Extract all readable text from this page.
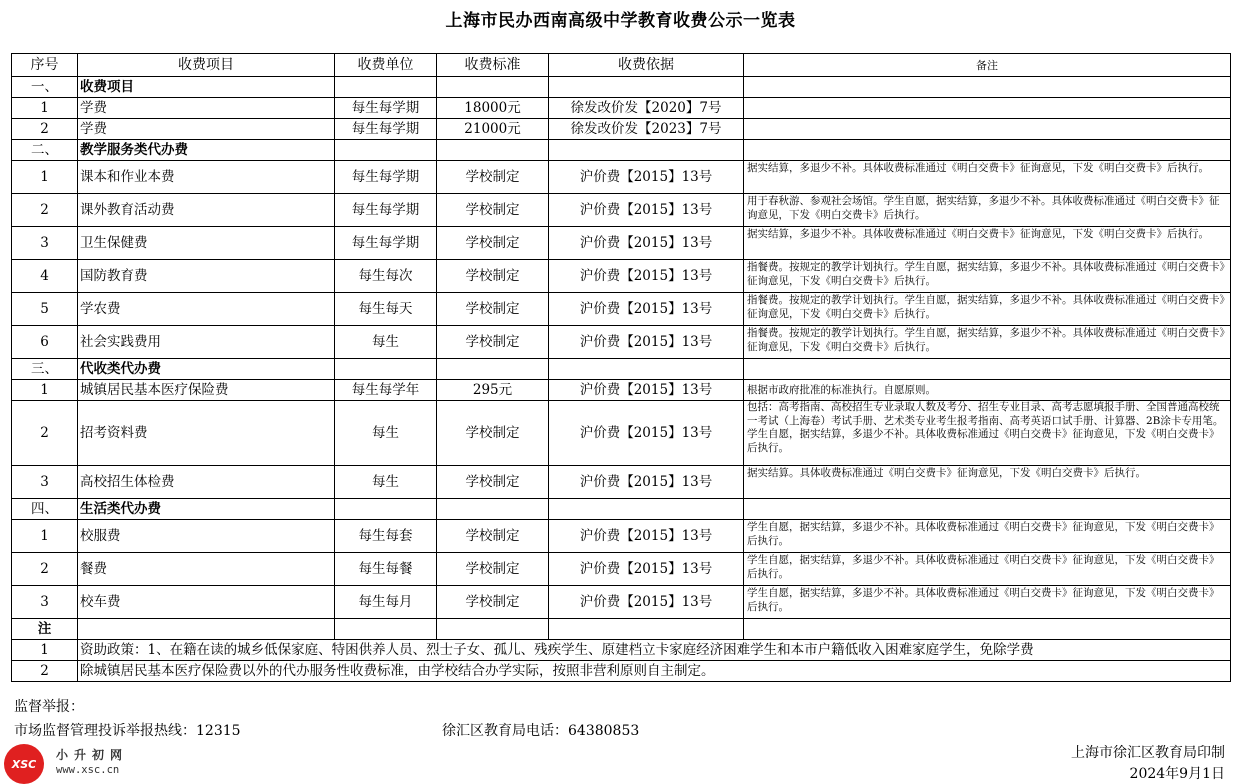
上海市民办西南高级中学教育收费公示一览表
序号	收费项目	收费单位	收费标准	收费依据	备注
一、	收费项目				
1	学费	每生每学期	18000元	徐发改价发【2020】7号	
2	学费	每生每学期	21000元	徐发改价发【2023】7号	
二、	教学服务类代办费				
1	课本和作业本费	每生每学期	学校制定	沪价费【2015】13号	据实结算，多退少不补。具体收费标准通过《明白交费卡》征询意见，下发《明白交费卡》后执行。
2	课外教育活动费	每生每学期	学校制定	沪价费【2015】13号	用于春秋游、参观社会场馆。学生自愿，据实结算，多退少不补。具体收费标准通过《明白交费卡》征询意见，下发《明白交费卡》后执行。
3	卫生保健费	每生每学期	学校制定	沪价费【2015】13号	据实结算，多退少不补。具体收费标准通过《明白交费卡》征询意见，下发《明白交费卡》后执行。
4	国防教育费	每生每次	学校制定	沪价费【2015】13号	指餐费。按规定的教学计划执行。学生自愿，据实结算，多退少不补。具体收费标准通过《明白交费卡》征询意见，下发《明白交费卡》后执行。
5	学农费	每生每天	学校制定	沪价费【2015】13号	指餐费。按规定的教学计划执行。学生自愿，据实结算，多退少不补。具体收费标准通过《明白交费卡》征询意见，下发《明白交费卡》后执行。
6	社会实践费用	每生	学校制定	沪价费【2015】13号	指餐费。按规定的教学计划执行。学生自愿，据实结算，多退少不补。具体收费标准通过《明白交费卡》征询意见，下发《明白交费卡》后执行。
三、	代收类代办费				
1	城镇居民基本医疗保险费	每生每学年	295元	沪价费【2015】13号	根据市政府批准的标准执行。自愿原则。
2	招考资料费	每生	学校制定	沪价费【2015】13号	包括：高考指南、高校招生专业录取人数及考分、招生专业目录、高考志愿填报手册、全国普通高校统一考试（上海卷）考试手册、艺术类专业考生报考指南、高考英语口试手册、计算器、2B涂卡专用笔。学生自愿，据实结算，多退少不补。具体收费标准通过《明白交费卡》征询意见，下发《明白交费卡》后执行。
3	高校招生体检费	每生	学校制定	沪价费【2015】13号	据实结算。具体收费标准通过《明白交费卡》征询意见，下发《明白交费卡》后执行。
四、	生活类代办费				
1	校服费	每生每套	学校制定	沪价费【2015】13号	学生自愿，据实结算，多退少不补。具体收费标准通过《明白交费卡》征询意见，下发《明白交费卡》后执行。
2	餐费	每生每餐	学校制定	沪价费【2015】13号	学生自愿，据实结算，多退少不补。具体收费标准通过《明白交费卡》征询意见，下发《明白交费卡》后执行。
3	校车费	每生每月	学校制定	沪价费【2015】13号	学生自愿，据实结算，多退少不补。具体收费标准通过《明白交费卡》征询意见，下发《明白交费卡》后执行。
注					
1	资助政策：1、在籍在读的城乡低保家庭、特困供养人员、烈士子女、孤儿、残疾学生、原建档立卡家庭经济困难学生和本市户籍低收入困难家庭学生，免除学费				
2	除城镇居民基本医疗保险费以外的代办服务性收费标准，由学校结合办学实际，按照非营利原则自主制定。				
监督举报：
市场监督管理投诉举报热线：12315	徐汇区教育局电话：64380853
上海市徐汇区教育局印制
2024年9月1日
XSC
小升初网
www.xsc.cn
